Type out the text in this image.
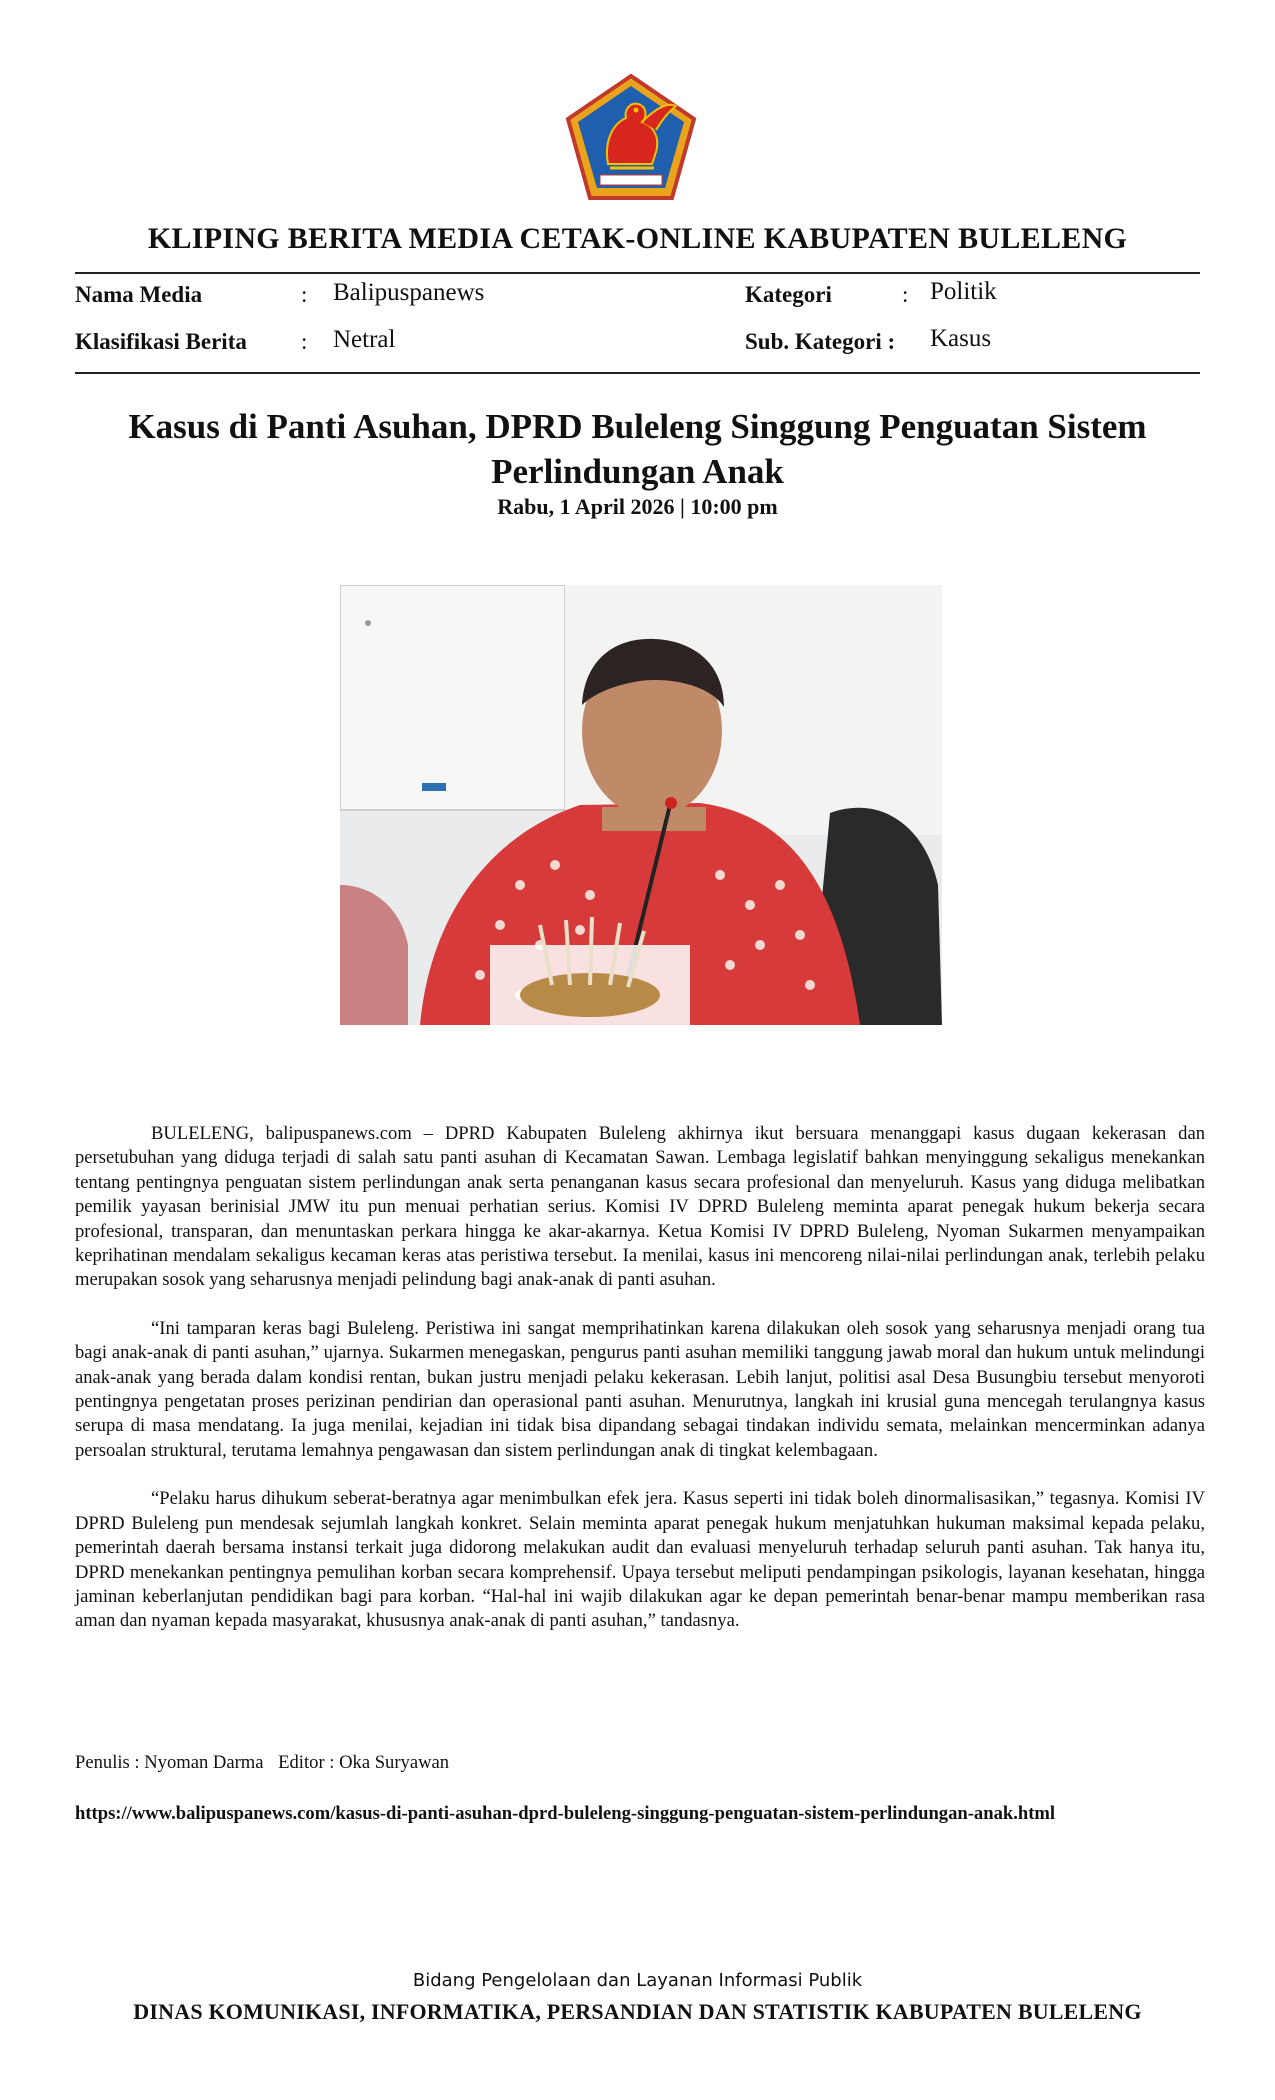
KLIPING BERITA MEDIA CETAK-ONLINE KABUPATEN BULELENG
Nama Media	: Balipuspanews	Kategori	: Politik
Klasifikasi Berita : Netral	Sub. Kategori : Kasus
Kasus di Panti Asuhan, DPRD Buleleng Singgung Penguatan Sistem Perlindungan Anak
Rabu, 1 April 2026 | 10:00 pm

BULELENG, balipuspanews.com – DPRD Kabupaten Buleleng akhirnya ikut bersuara menanggapi kasus dugaan kekerasan dan persetubuhan yang diduga terjadi di salah satu panti asuhan di Kecamatan Sawan. Lembaga legislatif bahkan menyinggung sekaligus menekankan tentang pentingnya penguatan sistem perlindungan anak serta penanganan kasus secara profesional dan menyeluruh. Kasus yang diduga melibatkan pemilik yayasan berinisial JMW itu pun menuai perhatian serius. Komisi IV DPRD Buleleng meminta aparat penegak hukum bekerja secara profesional, transparan, dan menuntaskan perkara hingga ke akar-akarnya. Ketua Komisi IV DPRD Buleleng, Nyoman Sukarmen menyampaikan keprihatinan mendalam sekaligus kecaman keras atas peristiwa tersebut. Ia menilai, kasus ini mencoreng nilai-nilai perlindungan anak, terlebih pelaku merupakan sosok yang seharusnya menjadi pelindung bagi anak-anak di panti asuhan.

“Ini tamparan keras bagi Buleleng. Peristiwa ini sangat memprihatinkan karena dilakukan oleh sosok yang seharusnya menjadi orang tua bagi anak-anak di panti asuhan,” ujarnya. Sukarmen menegaskan, pengurus panti asuhan memiliki tanggung jawab moral dan hukum untuk melindungi anak-anak yang berada dalam kondisi rentan, bukan justru menjadi pelaku kekerasan. Lebih lanjut, politisi asal Desa Busungbiu tersebut menyoroti pentingnya pengetatan proses perizinan pendirian dan operasional panti asuhan. Menurutnya, langkah ini krusial guna mencegah terulangnya kasus serupa di masa mendatang. Ia juga menilai, kejadian ini tidak bisa dipandang sebagai tindakan individu semata, melainkan mencerminkan adanya persoalan struktural, terutama lemahnya pengawasan dan sistem perlindungan anak di tingkat kelembagaan.

“Pelaku harus dihukum seberat-beratnya agar menimbulkan efek jera. Kasus seperti ini tidak boleh dinormalisasikan,” tegasnya. Komisi IV DPRD Buleleng pun mendesak sejumlah langkah konkret. Selain meminta aparat penegak hukum menjatuhkan hukuman maksimal kepada pelaku, pemerintah daerah bersama instansi terkait juga didorong melakukan audit dan evaluasi menyeluruh terhadap seluruh panti asuhan. Tak hanya itu, DPRD menekankan pentingnya pemulihan korban secara komprehensif. Upaya tersebut meliputi pendampingan psikologis, layanan kesehatan, hingga jaminan keberlanjutan pendidikan bagi para korban. “Hal-hal ini wajib dilakukan agar ke depan pemerintah benar-benar mampu memberikan rasa aman dan nyaman kepada masyarakat, khususnya anak-anak di panti asuhan,” tandasnya.

Penulis : Nyoman Darma Editor : Oka Suryawan
https://www.balipuspanews.com/kasus-di-panti-asuhan-dprd-buleleng-singgung-penguatan-sistem-perlindungan-anak.html
Bidang Pengelolaan dan Layanan Informasi Publik
DINAS KOMUNIKASI, INFORMATIKA, PERSANDIAN DAN STATISTIK KABUPATEN BULELENG
